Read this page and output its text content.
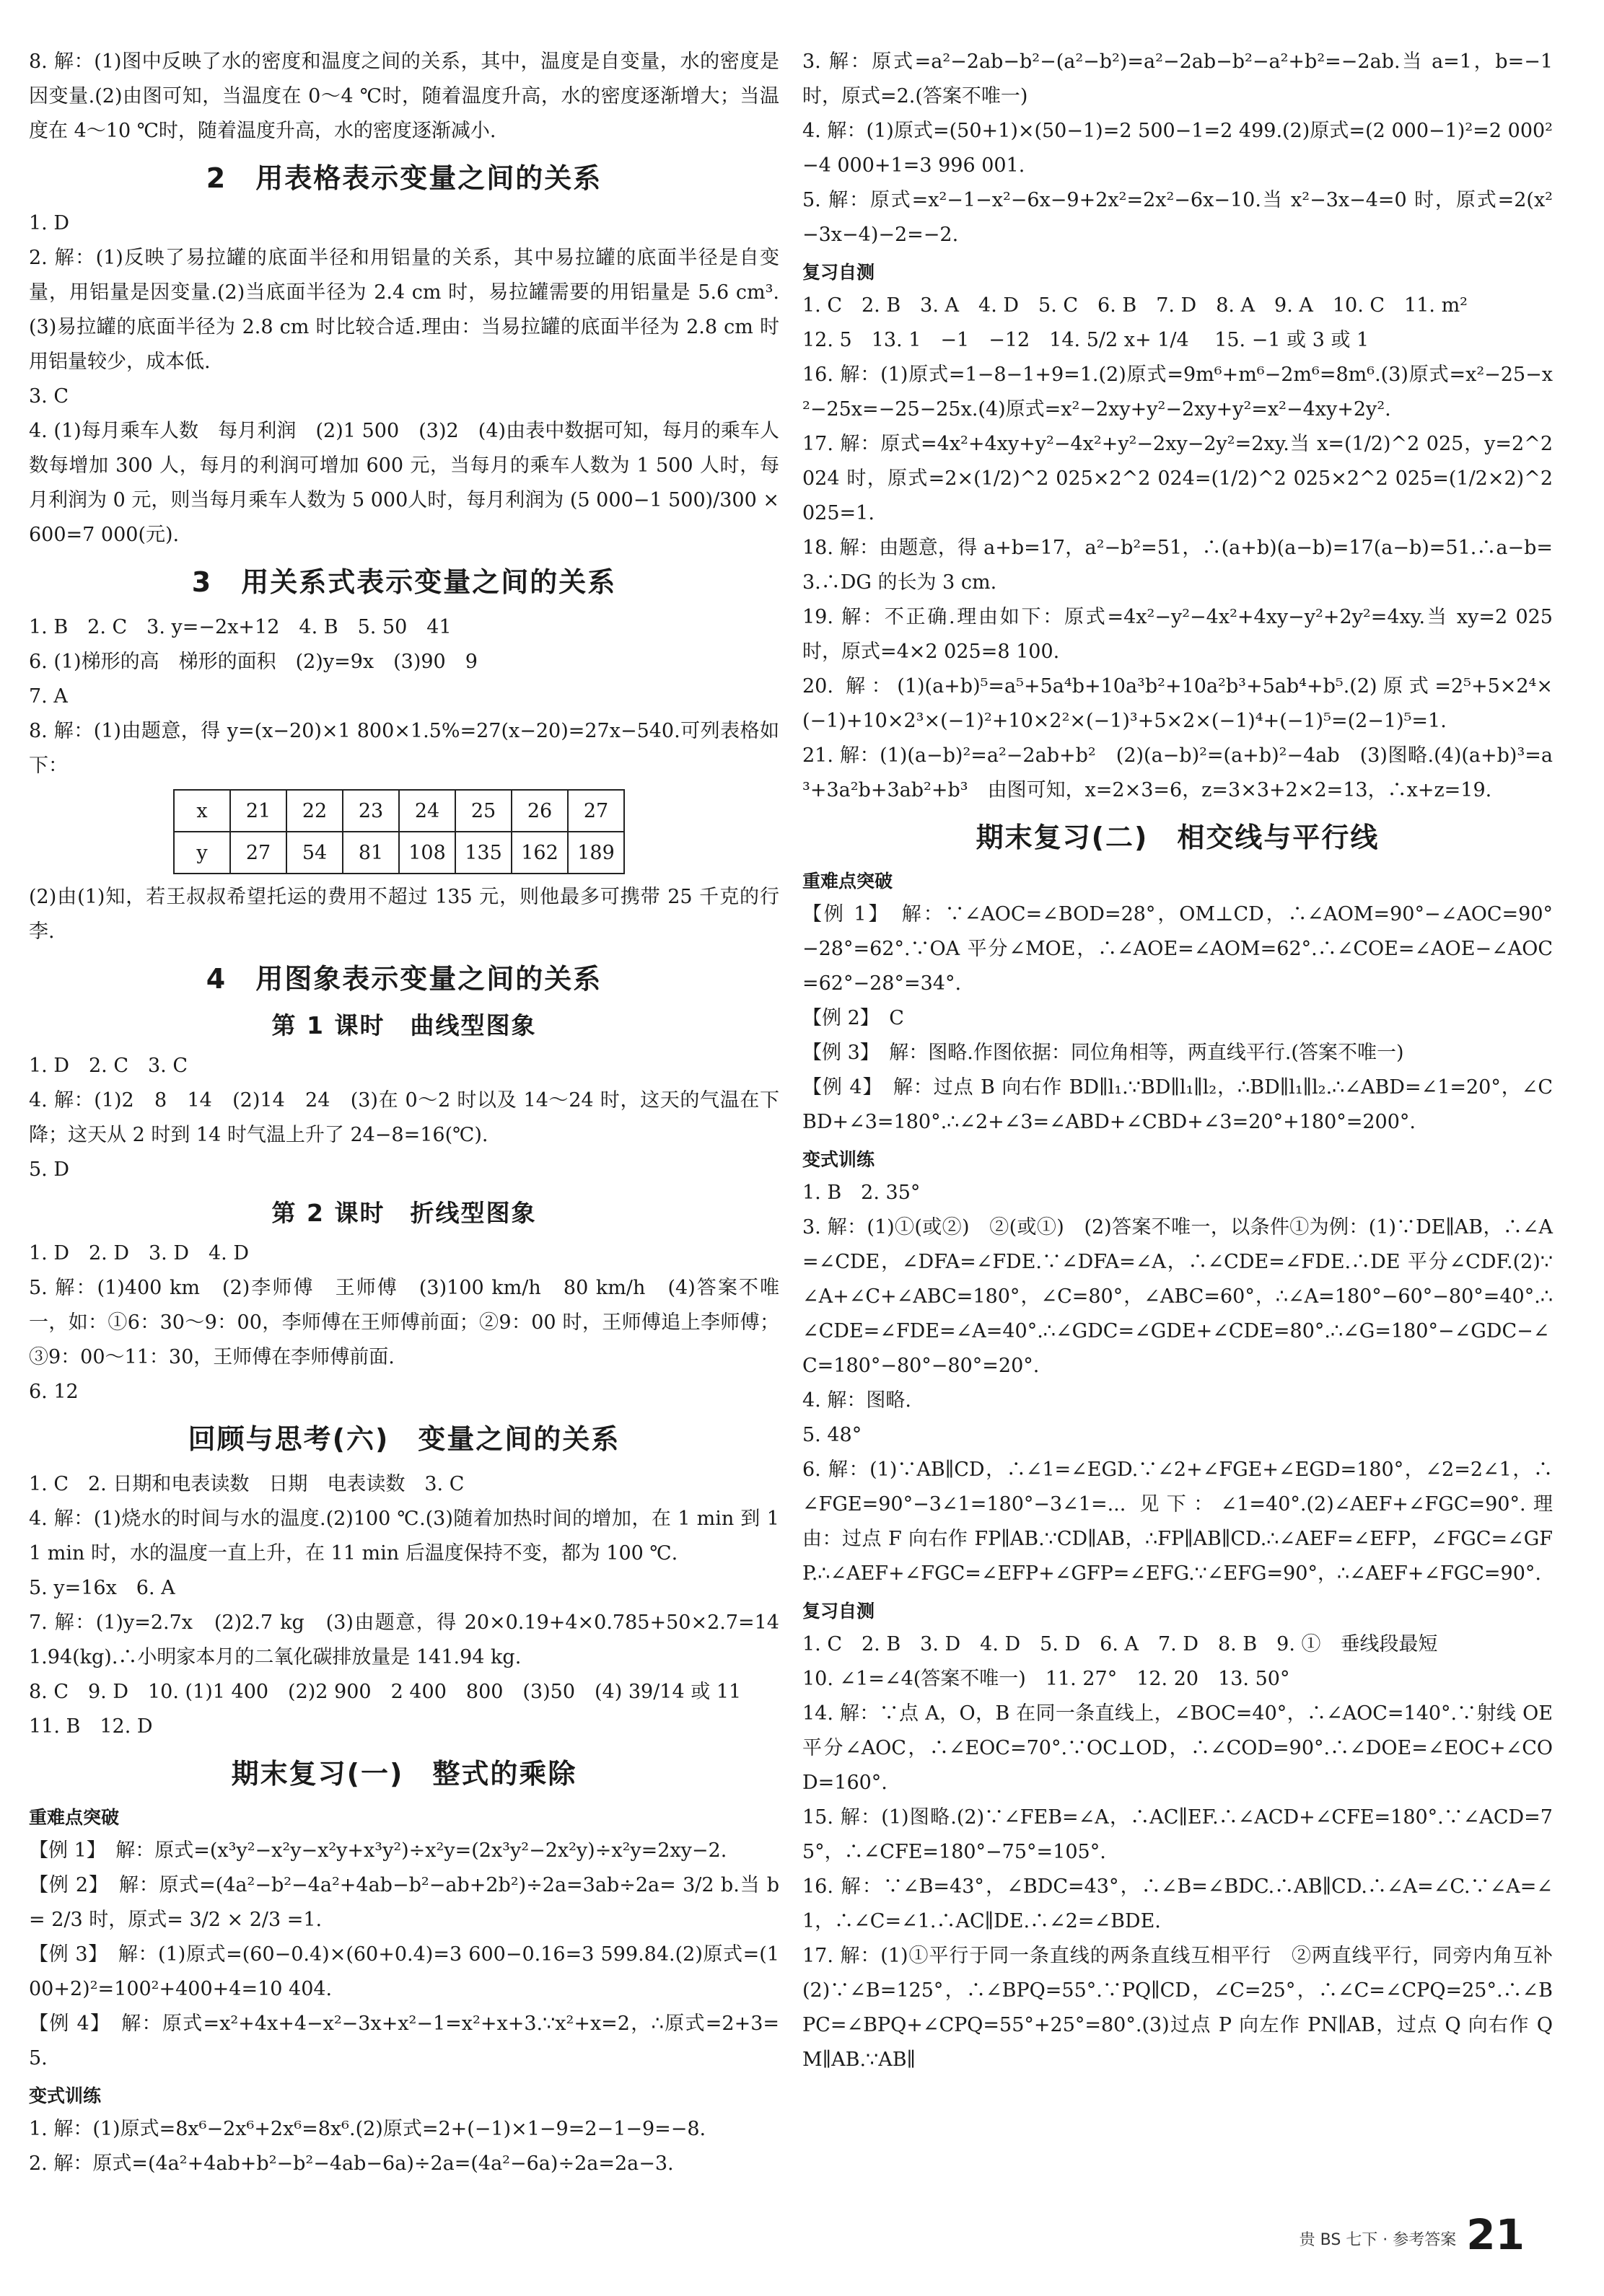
8. 解：(1)图中反映了水的密度和温度之间的关系，其中，温度是自变量，水的密度是因变量.(2)由图可知，当温度在 0～4 ℃时，随着温度升高，水的密度逐渐增大；当温度在 4～10 ℃时，随着温度升高，水的密度逐渐减小.

2　用表格表示变量之间的关系

1. D

2. 解：(1)反映了易拉罐的底面半径和用铝量的关系，其中易拉罐的底面半径是自变量，用铝量是因变量.(2)当底面半径为 2.4 cm 时，易拉罐需要的用铝量是 5.6 cm³.(3)易拉罐的底面半径为 2.8 cm 时比较合适.理由：当易拉罐的底面半径为 2.8 cm 时用铝量较少，成本低.

3. C

4. (1)每月乘车人数　每月利润　(2)1 500　(3)2　(4)由表中数据可知，每月的乘车人数每增加 300 人，每月的利润可增加 600 元，当每月的乘车人数为 1 500 人时，每月利润为 0 元，则当每月乘车人数为 5 000人时，每月利润为 (5 000−1 500)/300 ×600=7 000(元).

3　用关系式表示变量之间的关系

1. B　2. C　3. y=−2x+12　4. B　5. 50　41

6. (1)梯形的高　梯形的面积　(2)y=9x　(3)90　9

7. A

8. 解：(1)由题意，得 y=(x−20)×1 800×1.5%=27(x−20)=27x−540.可列表格如下：

x	21	22	23	24	25	26	27
y	27	54	81	108	135	162	189

(2)由(1)知，若王叔叔希望托运的费用不超过 135 元，则他最多可携带 25 千克的行李.

4　用图象表示变量之间的关系
第 1 课时　曲线型图象

1. D　2. C　3. C

4. 解：(1)2　8　14　(2)14　24　(3)在 0～2 时以及 14～24 时，这天的气温在下降；这天从 2 时到 14 时气温上升了 24−8=16(℃).

5. D

第 2 课时　折线型图象

1. D　2. D　3. D　4. D

5. 解：(1)400 km　(2)李师傅　王师傅　(3)100 km/h　80 km/h　(4)答案不唯一，如：①6：30～9：00，李师傅在王师傅前面；②9：00 时，王师傅追上李师傅；③9：00～11：30，王师傅在李师傅前面.

6. 12

回顾与思考(六)　变量之间的关系

1. C　2. 日期和电表读数　日期　电表读数　3. C

4. 解：(1)烧水的时间与水的温度.(2)100 ℃.(3)随着加热时间的增加，在 1 min 到 11 min 时，水的温度一直上升，在 11 min 后温度保持不变，都为 100 ℃.

5. y=16x　6. A

7. 解：(1)y=2.7x　(2)2.7 kg　(3)由题意，得 20×0.19+4×0.785+50×2.7=141.94(kg).∴小明家本月的二氧化碳排放量是 141.94 kg.

8. C　9. D　10. (1)1 400　(2)2 900　2 400　800　(3)50　(4) 39/14 或 11

11. B　12. D

期末复习(一)　整式的乘除
重难点突破

【例 1】　解：原式=(x³y²−x²y−x²y+x³y²)÷x²y=(2x³y²−2x²y)÷x²y=2xy−2.

【例 2】　解：原式=(4a²−b²−4a²+4ab−b²−ab+2b²)÷2a=3ab÷2a= 3/2 b.当 b= 2/3 时，原式= 3/2 × 2/3 =1.

【例 3】　解：(1)原式=(60−0.4)×(60+0.4)=3 600−0.16=3 599.84.(2)原式=(100+2)²=100²+400+4=10 404.

【例 4】　解：原式=x²+4x+4−x²−3x+x²−1=x²+x+3.∵x²+x=2，∴原式=2+3=5.

变式训练

1. 解：(1)原式=8x⁶−2x⁶+2x⁶=8x⁶.(2)原式=2+(−1)×1−9=2−1−9=−8.

2. 解：原式=(4a²+4ab+b²−b²−4ab−6a)÷2a=(4a²−6a)÷2a=2a−3.

3. 解：原式=a²−2ab−b²−(a²−b²)=a²−2ab−b²−a²+b²=−2ab.当 a=1，b=−1 时，原式=2.(答案不唯一)

4. 解：(1)原式=(50+1)×(50−1)=2 500−1=2 499.(2)原式=(2 000−1)²=2 000²−4 000+1=3 996 001.

5. 解：原式=x²−1−x²−6x−9+2x²=2x²−6x−10.当 x²−3x−4=0 时，原式=2(x²−3x−4)−2=−2.

复习自测

1. C　2. B　3. A　4. D　5. C　6. B　7. D　8. A　9. A　10. C　11. m²

12. 5　13. 1　−1　−12　14. 5/2 x+ 1/4 　15. −1 或 3 或 1

16. 解：(1)原式=1−8−1+9=1.(2)原式=9m⁶+m⁶−2m⁶=8m⁶.(3)原式=x²−25−x²−25x=−25−25x.(4)原式=x²−2xy+y²−2xy+y²=x²−4xy+2y².

17. 解：原式=4x²+4xy+y²−4x²+y²−2xy−2y²=2xy.当 x=(1/2)^2 025，y=2^2 024 时，原式=2×(1/2)^2 025×2^2 024=(1/2)^2 025×2^2 025=(1/2×2)^2 025=1.

18. 解：由题意，得 a+b=17，a²−b²=51，∴(a+b)(a−b)=17(a−b)=51.∴a−b=3.∴DG 的长为 3 cm.

19. 解：不正确.理由如下：原式=4x²−y²−4x²+4xy−y²+2y²=4xy.当 xy=2 025 时，原式=4×2 025=8 100.

20. 解：(1)(a+b)⁵=a⁵+5a⁴b+10a³b²+10a²b³+5ab⁴+b⁵.(2)原式=2⁵+5×2⁴×(−1)+10×2³×(−1)²+10×2²×(−1)³+5×2×(−1)⁴+(−1)⁵=(2−1)⁵=1.

21. 解：(1)(a−b)²=a²−2ab+b²　(2)(a−b)²=(a+b)²−4ab　(3)图略.(4)(a+b)³=a³+3a²b+3ab²+b³　由图可知，x=2×3=6，z=3×3+2×2=13，∴x+z=19.

期末复习(二)　相交线与平行线
重难点突破

【例 1】　解：∵∠AOC=∠BOD=28°，OM⊥CD，∴∠AOM=90°−∠AOC=90°−28°=62°.∵OA 平分∠MOE，∴∠AOE=∠AOM=62°.∴∠COE=∠AOE−∠AOC=62°−28°=34°.

【例 2】　C

【例 3】　解：图略.作图依据：同位角相等，两直线平行.(答案不唯一)

【例 4】　解：过点 B 向右作 BD∥l₁.∵BD∥l₁∥l₂，∴BD∥l₁∥l₂.∴∠ABD=∠1=20°，∠CBD+∠3=180°.∴∠2+∠3=∠ABD+∠CBD+∠3=20°+180°=200°.

变式训练

1. B　2. 35°

3. 解：(1)①(或②)　②(或①)　(2)答案不唯一，以条件①为例：(1)∵DE∥AB，∴∠A=∠CDE，∠DFA=∠FDE.∵∠DFA=∠A，∴∠CDE=∠FDE.∴DE 平分∠CDF.(2)∵∠A+∠C+∠ABC=180°，∠C=80°，∠ABC=60°，∴∠A=180°−60°−80°=40°.∴∠CDE=∠FDE=∠A=40°.∴∠GDC=∠GDE+∠CDE=80°.∴∠G=180°−∠GDC−∠C=180°−80°−80°=20°.

4. 解：图略.

5. 48°

6. 解：(1)∵AB∥CD，∴∠1=∠EGD.∵∠2+∠FGE+∠EGD=180°，∠2=2∠1，∴∠FGE=90°−3∠1=180°−3∠1=... 见下：∠1=40°.(2)∠AEF+∠FGC=90°.理由：过点 F 向右作 FP∥AB.∵CD∥AB，∴FP∥AB∥CD.∴∠AEF=∠EFP，∠FGC=∠GFP.∴∠AEF+∠FGC=∠EFP+∠GFP=∠EFG.∵∠EFG=90°，∴∠AEF+∠FGC=90°.

复习自测

1. C　2. B　3. D　4. D　5. D　6. A　7. D　8. B　9. ①　垂线段最短

10. ∠1=∠4(答案不唯一)　11. 27°　12. 20　13. 50°

14. 解：∵点 A，O，B 在同一条直线上，∠BOC=40°，∴∠AOC=140°.∵射线 OE 平分∠AOC，∴∠EOC=70°.∵OC⊥OD，∴∠COD=90°.∴∠DOE=∠EOC+∠COD=160°.

15. 解：(1)图略.(2)∵∠FEB=∠A，∴AC∥EF.∴∠ACD+∠CFE=180°.∵∠ACD=75°，∴∠CFE=180°−75°=105°.

16. 解：∵∠B=43°，∠BDC=43°，∴∠B=∠BDC.∴AB∥CD.∴∠A=∠C.∵∠A=∠1，∴∠C=∠1.∴AC∥DE.∴∠2=∠BDE.

17. 解：(1)①平行于同一条直线的两条直线互相平行　②两直线平行，同旁内角互补　(2)∵∠B=125°，∴∠BPQ=55°.∵PQ∥CD，∠C=25°，∴∠C=∠CPQ=25°.∴∠BPC=∠BPQ+∠CPQ=55°+25°=80°.(3)过点 P 向左作 PN∥AB，过点 Q 向右作 QM∥AB.∵AB∥

贵 BS 七下 · 参考答案 21
